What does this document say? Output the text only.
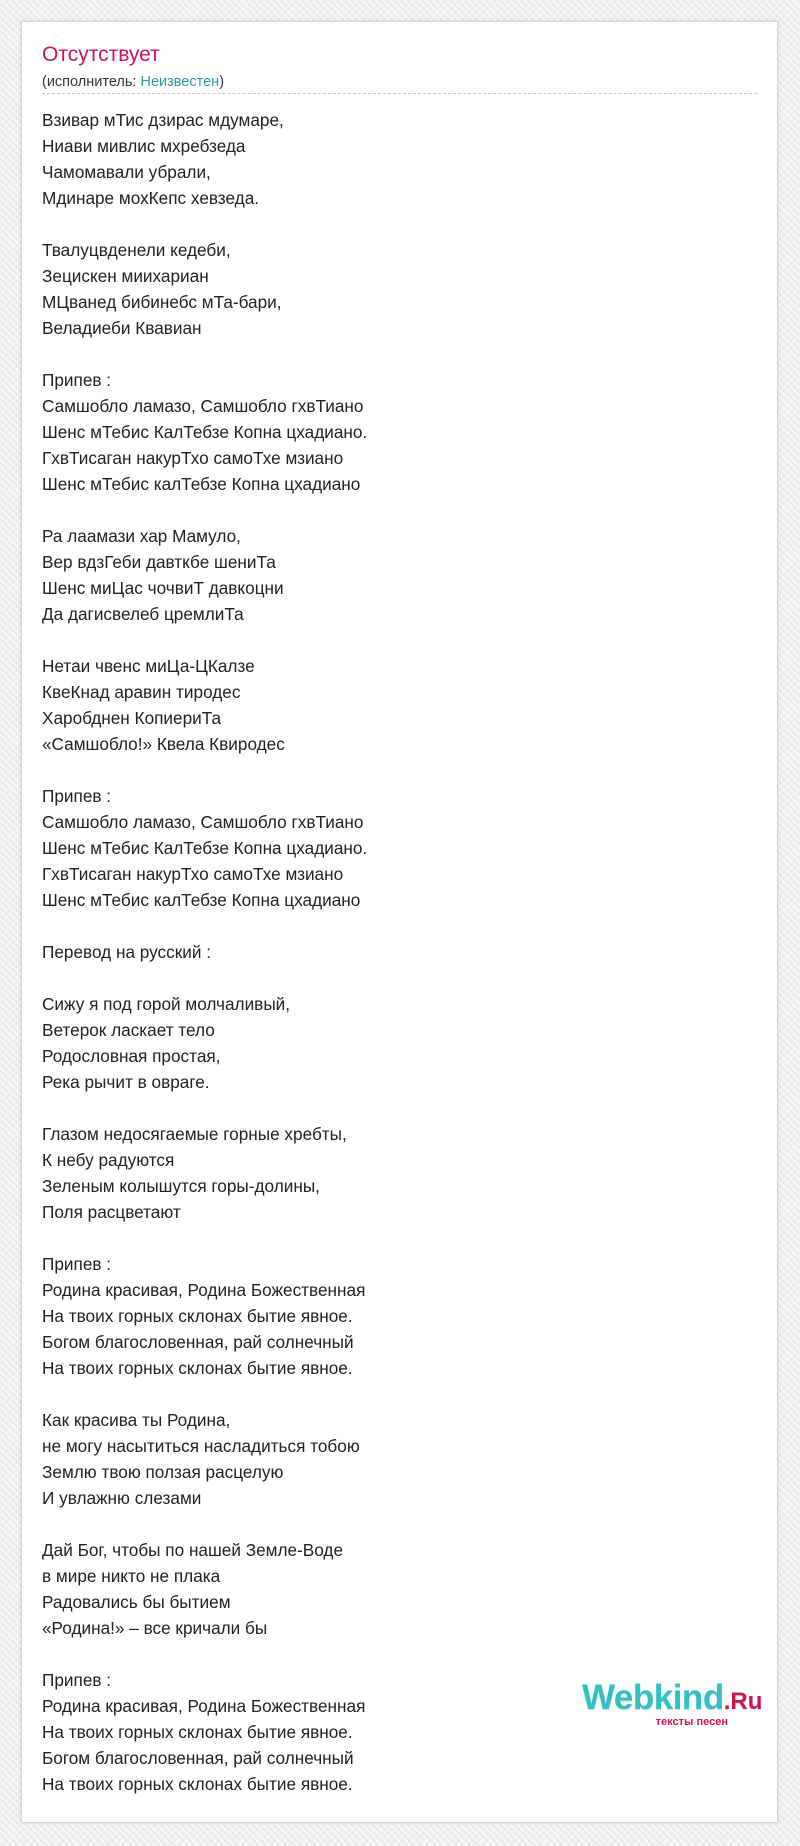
Отсутствует
(исполнитель: Неизвестен)
Взивар мТис дзирас мдумаре,
Ниави мивлис мхребзеда
Чамомавали убрали,
Мдинаре мохКепс хевзеда.
Твалуцвденели кедеби,
Зецискен миихариан
МЦванед бибинебс мТа-бари,
Веладиеби Квавиан
Припев :
Самшобло ламазо, Самшобло гхвТиано
Шенс мТебис КалТебзе Копна цхадиано.
ГхвТисаган накурТхо самоТхе мзиано
Шенс мТебис калТебзе Копна цхадиано
Ра лаамази хар Мамуло,
Вер вдзГеби давткбе шениТа
Шенс миЦас чочвиТ давкоцни
Да дагисвелеб цремлиТа
Нетаи чвенс миЦа-ЦКалзе
КвеКнад аравин тиродес
Харобднен КопиериТа
«Самшобло!» Квела Квиродес
Припев :
Самшобло ламазо, Самшобло гхвТиано
Шенс мТебис КалТебзе Копна цхадиано.
ГхвТисаган накурТхо самоТхе мзиано
Шенс мТебис калТебзе Копна цхадиано
Перевод на русский :
Сижу я под горой молчаливый,
Ветерок ласкает тело
Родословная простая,
Река рычит в овраге.
Глазом недосягаемые горные хребты,
К небу радуются
Зеленым колышутся горы-долины,
Поля расцветают
Припев :
Родина красивая, Родина Божественная
На твоих горных склонах бытие явное.
Богом благословенная, рай солнечный
На твоих горных склонах бытие явное.
Как красива ты Родина,
не могу насытиться насладиться тобою
Землю твою ползая расцелую
И увлажню слезами
Дай Бог, чтобы по нашей Земле-Воде
в мире никто не плака
Радовались бы бытием
«Родина!» – все кричали бы
Припев :
Родина красивая, Родина Божественная
На твоих горных склонах бытие явное.
Богом благословенная, рай солнечный
На твоих горных склонах бытие явное.
Webkind.Ru
тексты песен
